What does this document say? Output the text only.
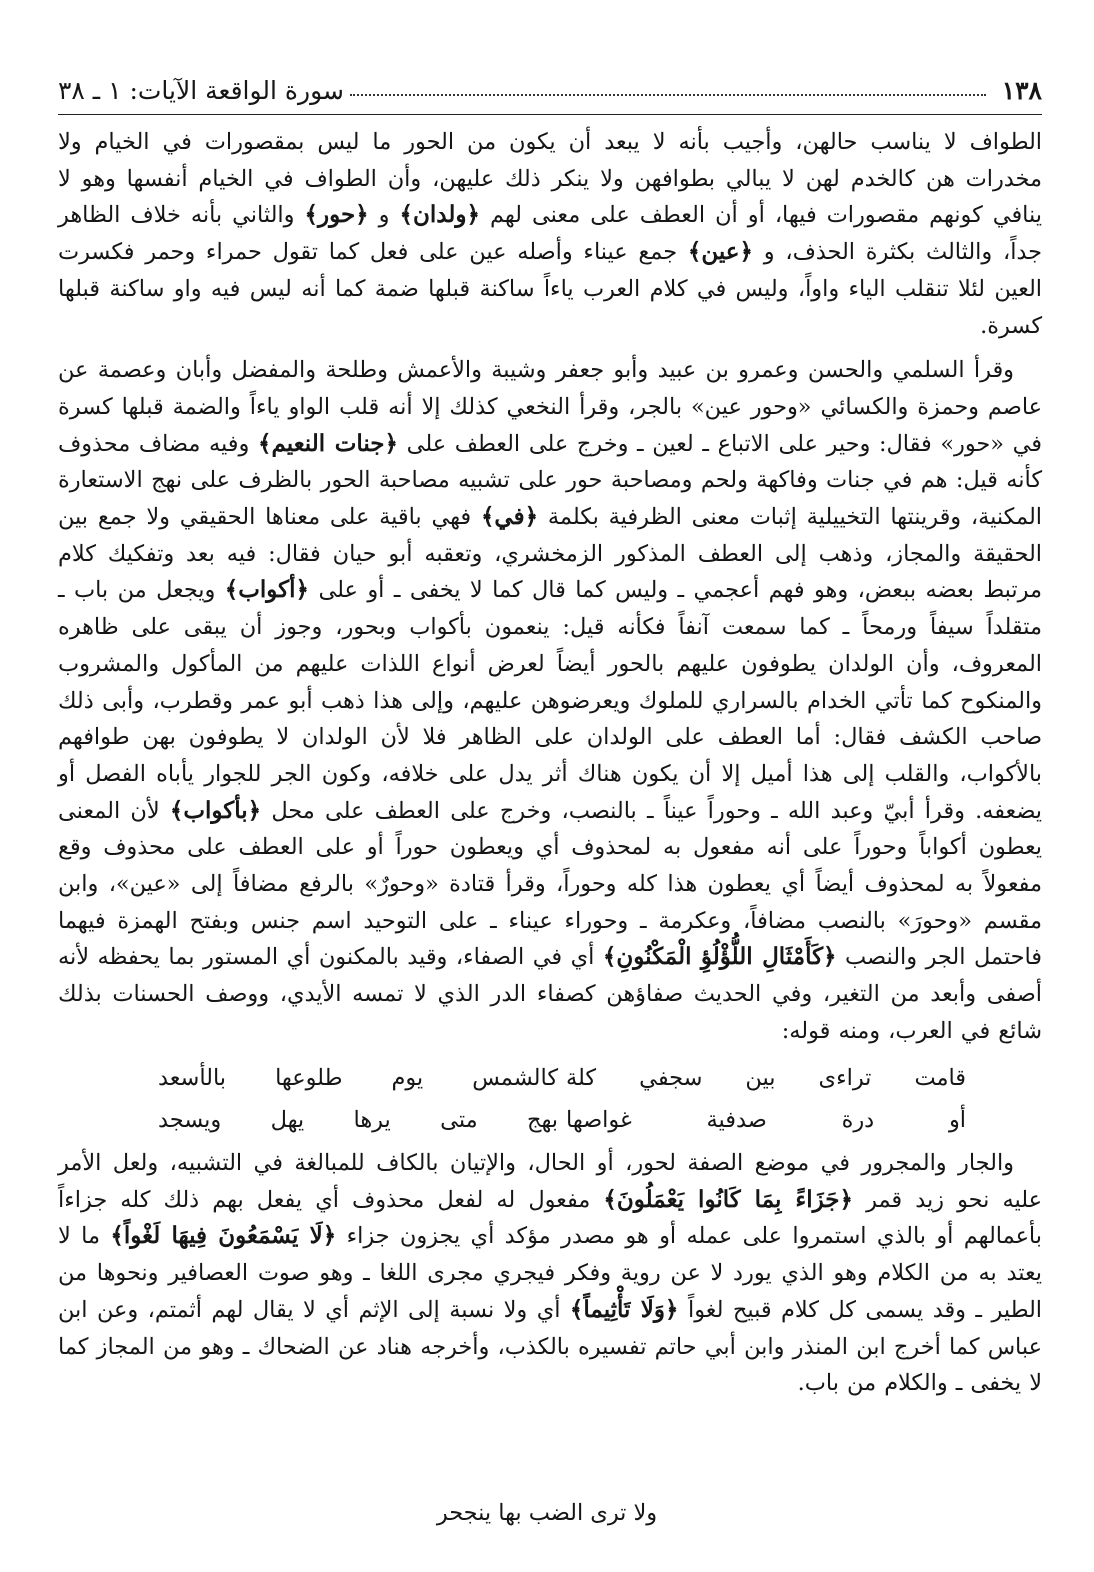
١٣٨
سورة الواقعة الآيات: ١ ـ ٣٨

الطواف لا يناسب حالهن، وأجيب بأنه لا يبعد أن يكون من الحور ما ليس بمقصورات في الخيام ولا مخدرات هن كالخدم لهن لا يبالي بطوافهن ولا ينكر ذلك عليهن، وأن الطواف في الخيام أنفسها وهو لا ينافي كونهم مقصورات فيها، أو أن العطف على معنى لهم ﴿ولدان﴾ و ﴿حور﴾ والثاني بأنه خلاف الظاهر جداً، والثالث بكثرة الحذف، و ﴿عين﴾ جمع عيناء وأصله عين على فعل كما تقول حمراء وحمر فكسرت العين لئلا تنقلب الياء واواً، وليس في كلام العرب ياءاً ساكنة قبلها ضمة كما أنه ليس فيه واو ساكنة قبلها كسرة.

وقرأ السلمي والحسن وعمرو بن عبيد وأبو جعفر وشيبة والأعمش وطلحة والمفضل وأبان وعصمة عن عاصم وحمزة والكسائي «وحور عين» بالجر، وقرأ النخعي كذلك إلا أنه قلب الواو ياءاً والضمة قبلها كسرة في «حور» فقال: وحير على الاتباع ـ لعين ـ وخرج على العطف على ﴿جنات النعيم﴾ وفيه مضاف محذوف كأنه قيل: هم في جنات وفاكهة ولحم ومصاحبة حور على تشبيه مصاحبة الحور بالظرف على نهج الاستعارة المكنية، وقرينتها التخييلية إثبات معنى الظرفية بكلمة ﴿في﴾ فهي باقية على معناها الحقيقي ولا جمع بين الحقيقة والمجاز، وذهب إلى العطف المذكور الزمخشري، وتعقبه أبو حيان فقال: فيه بعد وتفكيك كلام مرتبط بعضه ببعض، وهو فهم أعجمي ـ وليس كما قال كما لا يخفى ـ أو على ﴿أكواب﴾ ويجعل من باب ـ متقلداً سيفاً ورمحاً ـ كما سمعت آنفاً فكأنه قيل: ينعمون بأكواب وبحور، وجوز أن يبقى على ظاهره المعروف، وأن الولدان يطوفون عليهم بالحور أيضاً لعرض أنواع اللذات عليهم من المأكول والمشروب والمنكوح كما تأتي الخدام بالسراري للملوك ويعرضوهن عليهم، وإلى هذا ذهب أبو عمر وقطرب، وأبى ذلك صاحب الكشف فقال: أما العطف على الولدان على الظاهر فلا لأن الولدان لا يطوفون بهن طوافهم بالأكواب، والقلب إلى هذا أميل إلا أن يكون هناك أثر يدل على خلافه، وكون الجر للجوار يأباه الفصل أو يضعفه. وقرأ أبيّ وعبد الله ـ وحوراً عيناً ـ بالنصب، وخرج على العطف على محل ﴿بأكواب﴾ لأن المعنى يعطون أكواباً وحوراً على أنه مفعول به لمحذوف أي ويعطون حوراً أو على العطف على محذوف وقع مفعولاً به لمحذوف أيضاً أي يعطون هذا كله وحوراً، وقرأ قتادة «وحورٌ» بالرفع مضافاً إلى «عين»، وابن مقسم «وحورَ» بالنصب مضافاً، وعكرمة ـ وحوراء عيناء ـ على التوحيد اسم جنس وبفتح الهمزة فيهما فاحتمل الجر والنصب ﴿كَأَمْثَالِ اللُّؤْلُؤِ الْمَكْنُونِ﴾ أي في الصفاء، وقيد بالمكنون أي المستور بما يحفظه لأنه أصفى وأبعد من التغير، وفي الحديث صفاؤهن كصفاء الدر الذي لا تمسه الأيدي، ووصف الحسنات بذلك شائع في العرب، ومنه قوله:

قامت تراءى بين سجفي كلة
كالشمس يوم طلوعها بالأسعد
أو درة صدفية غواصها
بهج متى يرها يهل ويسجد

والجار والمجرور في موضع الصفة لحور، أو الحال، والإتيان بالكاف للمبالغة في التشبيه، ولعل الأمر عليه نحو زيد قمر ﴿جَزَاءً بِمَا كَانُوا يَعْمَلُونَ﴾ مفعول له لفعل محذوف أي يفعل بهم ذلك كله جزاءاً بأعمالهم أو بالذي استمروا على عمله أو هو مصدر مؤكد أي يجزون جزاء ﴿لَا يَسْمَعُونَ فِيهَا لَغْواً﴾ ما لا يعتد به من الكلام وهو الذي يورد لا عن روية وفكر فيجري مجرى اللغا ـ وهو صوت العصافير ونحوها من الطير ـ وقد يسمى كل كلام قبيح لغواً ﴿وَلَا تَأْثِيماً﴾ أي ولا نسبة إلى الإثم أي لا يقال لهم أثمتم، وعن ابن عباس كما أخرج ابن المنذر وابن أبي حاتم تفسيره بالكذب، وأخرجه هناد عن الضحاك ـ وهو من المجاز كما لا يخفى ـ والكلام من باب.

ولا ترى الضب بها ينجحر
